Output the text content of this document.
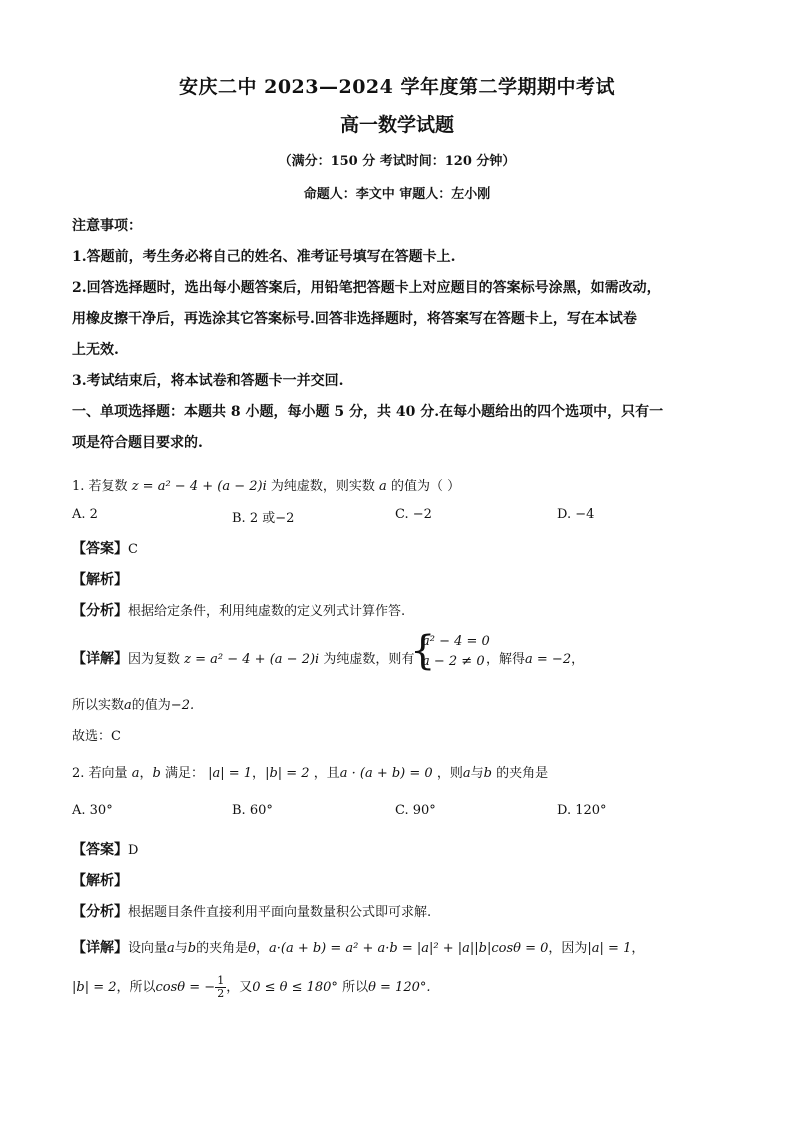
安庆二中 2023—2024 学年度第二学期期中考试
高一数学试题
（满分：150 分 考试时间：120 分钟）
命题人：李文中 审题人：左小刚
注意事项：
1.答题前，考生务必将自己的姓名、准考证号填写在答题卡上.
2.回答选择题时，选出每小题答案后，用铅笔把答题卡上对应题目的答案标号涂黑，如需改动，
用橡皮擦干净后，再选涂其它答案标号.回答非选择题时，将答案写在答题卡上，写在本试卷
上无效.
3.考试结束后，将本试卷和答题卡一并交回.
一、单项选择题：本题共 8 小题，每小题 5 分，共 40 分.在每小题给出的四个选项中，只有一
项是符合题目要求的.
1. 若复数 z = a² − 4 + (a − 2)i 为纯虚数，则实数 a 的值为（ ）
A. 2	B. 2 或−2	C. −2	D. −4
【答案】C
【解析】
【分析】根据给定条件，利用纯虚数的定义列式计算作答.
【详解】因为复数 z = a² − 4 + (a − 2)i 为纯虚数，则有
{
a² − 4 = 0
a − 2 ≠ 0 ，解得a = −2，
所以实数a的值为−2.
故选：C
2. 若向量 a，b 满足： |a| = 1，|b| = 2 ，且a · (a + b) = 0 ，则a与b 的夹角是
A. 30°	B. 60°	C. 90°	D. 120°
【答案】D
【解析】
【分析】根据题目条件直接利用平面向量数量积公式即可求解.
【详解】设向量a与b的夹角是θ，a·(a + b) = a² + a·b = |a|² + |a||b|cosθ = 0，因为|a| = 1，
|b| = 2，所以cosθ = − $\frac{1}{2}$ ，又0 ≤ θ ≤ 180° 所以θ = 120°.
